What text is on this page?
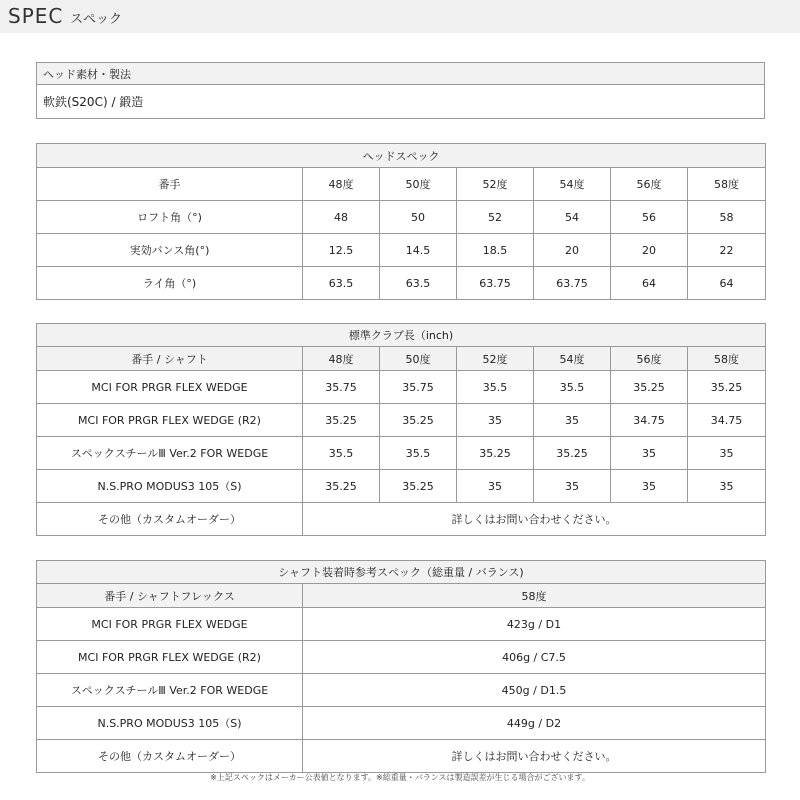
SPEC スペック
ヘッド素材・製法
軟鉄(S20C) / 鍛造
ヘッドスペック						
番手	48度	50度	52度	54度	56度	58度
ロフト角（°)	48	50	52	54	56	58
実効バンス角(°)	12.5	14.5	18.5	20	20	22
ライ角（°)	63.5	63.5	63.75	63.75	64	64
標準クラブ長（inch)						
番手 / シャフト	48度	50度	52度	54度	56度	58度
MCI FOR PRGR FLEX WEDGE	35.75	35.75	35.5	35.5	35.25	35.25
MCI FOR PRGR FLEX WEDGE (R2)	35.25	35.25	35	35	34.75	34.75
スペックスチールⅢ Ver.2 FOR WEDGE	35.5	35.5	35.25	35.25	35	35
N.S.PRO MODUS3 105（S)	35.25	35.25	35	35	35	35
その他（カスタムオーダー）	詳しくはお問い合わせください。					
シャフト装着時参考スペック（総重量 / バランス)	
番手 / シャフトフレックス	58度
MCI FOR PRGR FLEX WEDGE	423g / D1
MCI FOR PRGR FLEX WEDGE (R2)	406g / C7.5
スペックスチールⅢ Ver.2 FOR WEDGE	450g / D1.5
N.S.PRO MODUS3 105（S)	449g / D2
その他（カスタムオーダー）	詳しくはお問い合わせください。
※上記スペックはメーカー公表値となります。※総重量・バランスは製造誤差が生じる場合がございます。
